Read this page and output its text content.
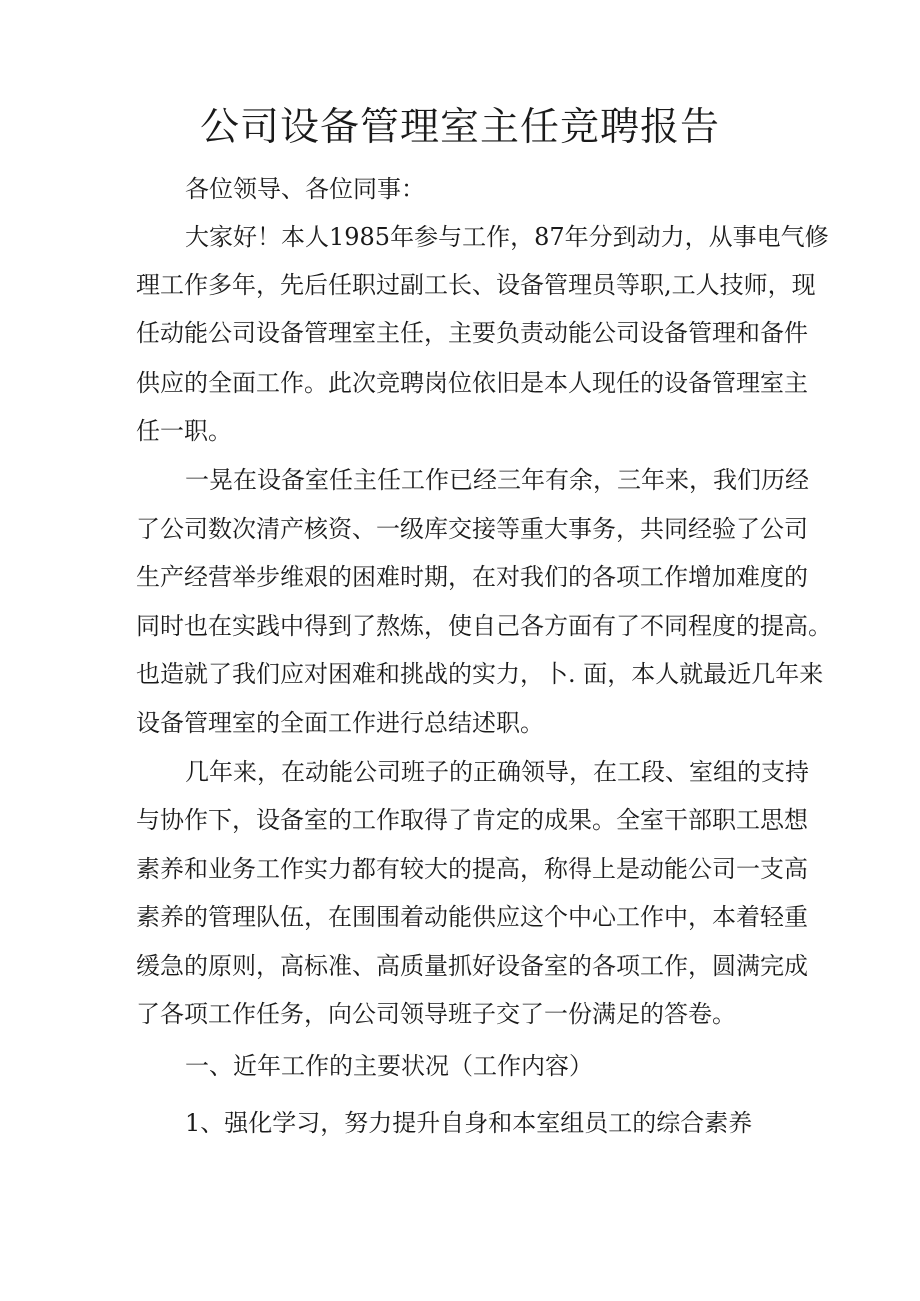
公司设备管理室主任竞聘报告

各位领导、各位同事：

大家好！本人1985年参与工作，87年分到动力，从事电气修

理工作多年，先后任职过副工长、设备管理员等职,工人技师，现

任动能公司设备管理室主任，主要负责动能公司设备管理和备件

供应的全面工作。此次竞聘岗位依旧是本人现任的设备管理室主

任一职。

一晃在设备室任主任工作已经三年有余，三年来，我们历经

了公司数次清产核资、一级库交接等重大事务，共同经验了公司

生产经营举步维艰的困难时期，在对我们的各项工作增加难度的

同时也在实践中得到了熬炼，使自己各方面有了不同程度的提高。

也造就了我们应对困难和挑战的实力，卜. 面，本人就最近几年来

设备管理室的全面工作进行总结述职。

几年来，在动能公司班子的正确领导，在工段、室组的支持

与协作下，设备室的工作取得了肯定的成果。全室干部职工思想

素养和业务工作实力都有较大的提高，称得上是动能公司一支高

素养的管理队伍，在围围着动能供应这个中心工作中，本着轻重

缓急的原则，高标准、高质量抓好设备室的各项工作，圆满完成

了各项工作任务，向公司领导班子交了一份满足的答卷。

一、近年工作的主要状况（工作内容）

1、强化学习，努力提升自身和本室组员工的综合素养
